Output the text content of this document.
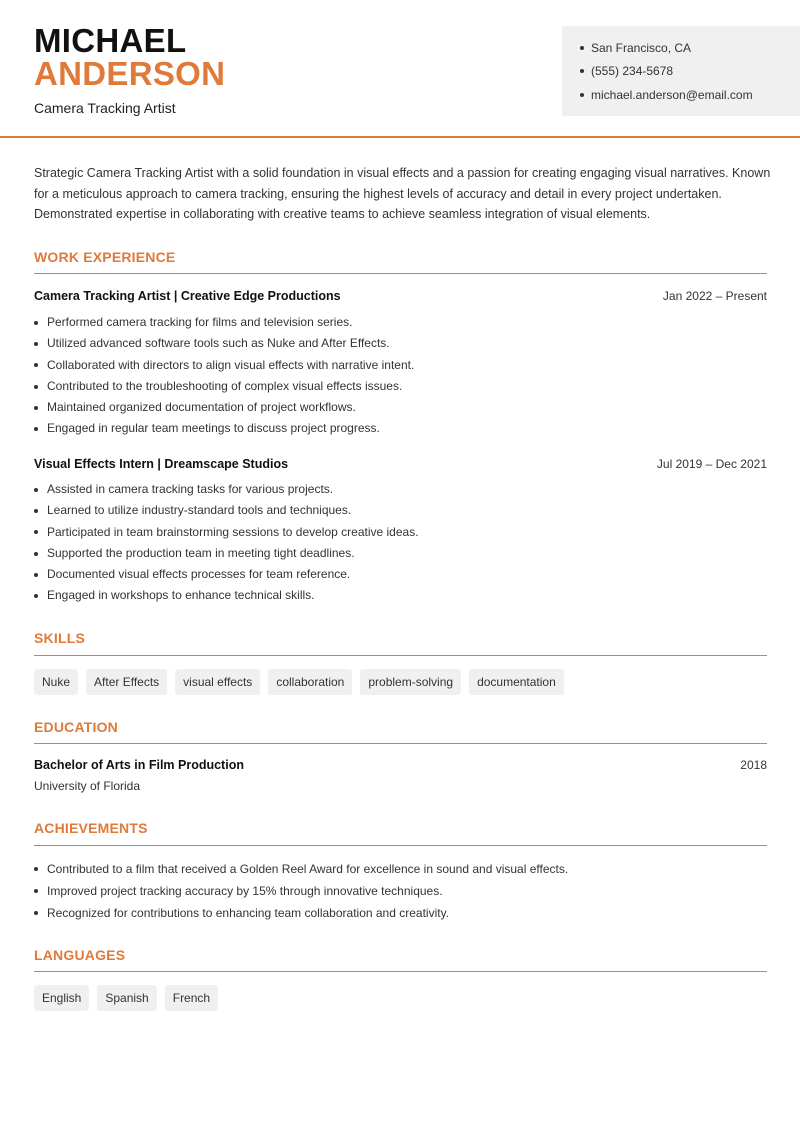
MICHAEL
ANDERSON
Camera Tracking Artist
San Francisco, CA
(555) 234-5678
michael.anderson@email.com
Strategic Camera Tracking Artist with a solid foundation in visual effects and a passion for creating engaging visual narratives. Known for a meticulous approach to camera tracking, ensuring the highest levels of accuracy and detail in every project undertaken. Demonstrated expertise in collaborating with creative teams to achieve seamless integration of visual elements.
WORK EXPERIENCE
Camera Tracking Artist | Creative Edge Productions	Jan 2022 – Present
Performed camera tracking for films and television series.
Utilized advanced software tools such as Nuke and After Effects.
Collaborated with directors to align visual effects with narrative intent.
Contributed to the troubleshooting of complex visual effects issues.
Maintained organized documentation of project workflows.
Engaged in regular team meetings to discuss project progress.
Visual Effects Intern | Dreamscape Studios	Jul 2019 – Dec 2021
Assisted in camera tracking tasks for various projects.
Learned to utilize industry-standard tools and techniques.
Participated in team brainstorming sessions to develop creative ideas.
Supported the production team in meeting tight deadlines.
Documented visual effects processes for team reference.
Engaged in workshops to enhance technical skills.
SKILLS
Nuke	After Effects	visual effects	collaboration	problem-solving	documentation
EDUCATION
Bachelor of Arts in Film Production	2018
University of Florida
ACHIEVEMENTS
Contributed to a film that received a Golden Reel Award for excellence in sound and visual effects.
Improved project tracking accuracy by 15% through innovative techniques.
Recognized for contributions to enhancing team collaboration and creativity.
LANGUAGES
English	Spanish	French
